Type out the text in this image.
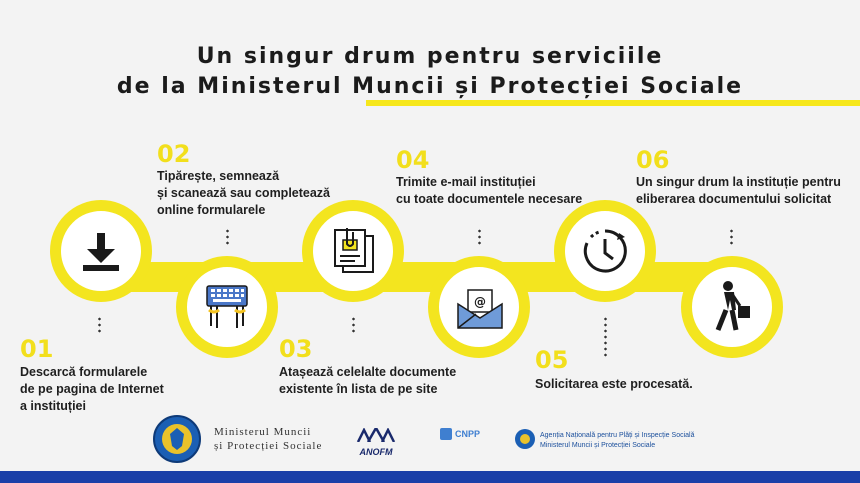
Un singur drum pentru serviciile
de la Ministerul Muncii și Protecției Sociale
@
01
02
03
04
05
06
Descarcă formularele
de pe pagina de Internet
a instituției
Tipărește, semnează
și scanează sau completează
online formularele
Atașează celelalte documente
existente în lista de pe site
Trimite e-mail instituției
cu toate documentele necesare
Solicitarea este procesată.
Un singur drum la instituție pentru
eliberarea documentului solicitat
Ministerul Muncii
și Protecției Sociale	ANOFM
CNPP	Agenția Națională pentru Plăți și Inspecție Socială
Ministerul Muncii și Protecției Sociale
